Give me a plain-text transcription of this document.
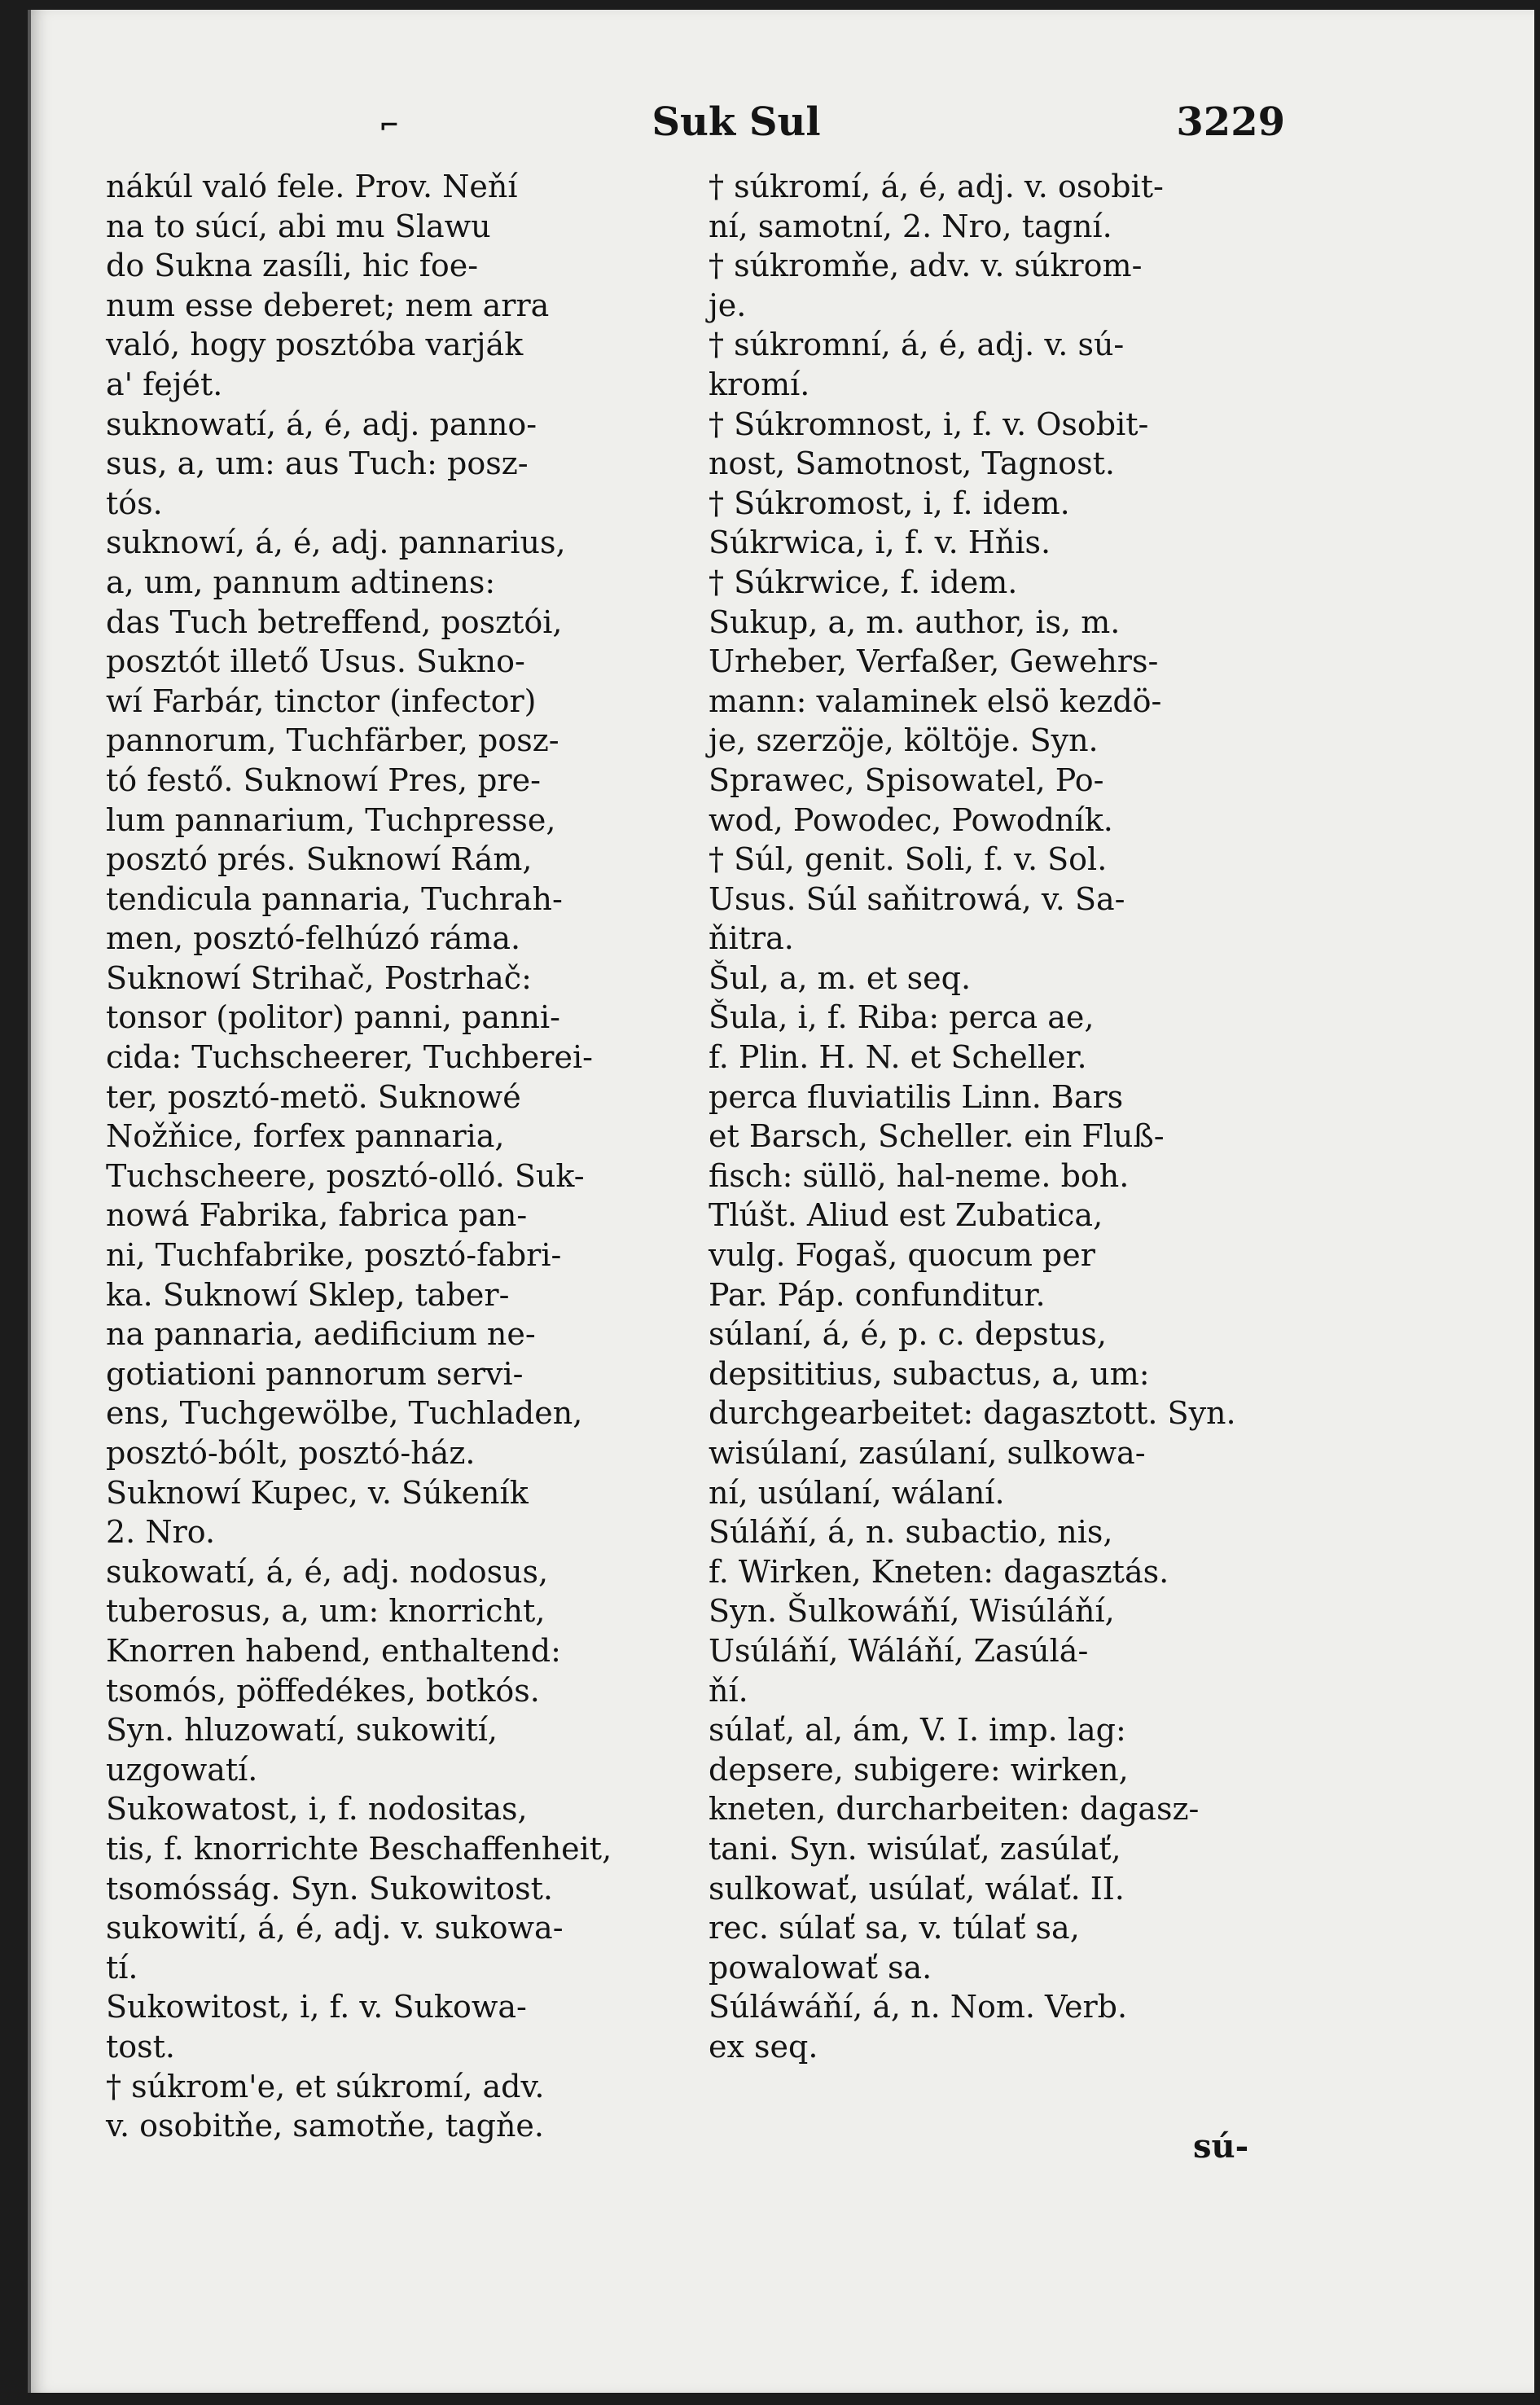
⌐	Suk Sul	3229
nákúl való fele. Prov. Neňí
na to súcí, abi mu Slawu
do Sukna zasíli, hic foe-
num esse deberet; nem arra
való, hogy posztóba varják
a' fejét.
suknowatí, á, é, adj. panno-
sus, a, um: aus Tuch: posz-
tós.
suknowí, á, é, adj. pannarius,
a, um, pannum adtinens:
das Tuch betreffend, posztói,
posztót illető Usus. Sukno-
wí Farbár, tinctor (infector)
pannorum, Tuchfärber, posz-
tó festő. Suknowí Pres, pre-
lum pannarium, Tuchpresse,
posztó prés. Suknowí Rám,
tendicula pannaria, Tuchrah-
men, posztó-felhúzó ráma.
Suknowí Strihač, Postrhač:
tonsor (politor) panni, panni-
cida: Tuchscheerer, Tuchberei-
ter, posztó-metö. Suknowé
Nožňice, forfex pannaria,
Tuchscheere, posztó-olló. Suk-
nowá Fabrika, fabrica pan-
ni, Tuchfabrike, posztó-fabri-
ka. Suknowí Sklep, taber-
na pannaria, aedificium ne-
gotiationi pannorum servi-
ens, Tuchgewölbe, Tuchladen,
posztó-bólt, posztó-ház.
Suknowí Kupec, v. Súkeník
2. Nro.
sukowatí, á, é, adj. nodosus,
tuberosus, a, um: knorricht,
Knorren habend, enthaltend:
tsomós, pöffedékes, botkós.
Syn. hluzowatí, sukowití,
uzgowatí.
Sukowatost, i, f. nodositas,
tis, f. knorrichte Beschaffenheit,
tsomósság. Syn. Sukowitost.
sukowití, á, é, adj. v. sukowa-
tí.
Sukowitost, i, f. v. Sukowa-
tost.
† súkrom'e, et súkromí, adv.
v. osobitňe, samotňe, tagňe.
† súkromí, á, é, adj. v. osobit-
ní, samotní, 2. Nro, tagní.
† súkromňe, adv. v. súkrom-
je.
† súkromní, á, é, adj. v. sú-
kromí.
† Súkromnost, i, f. v. Osobit-
nost, Samotnost, Tagnost.
† Súkromost, i, f. idem.
Súkrwica, i, f. v. Hňis.
† Súkrwice, f. idem.
Sukup, a, m. author, is, m.
Urheber, Verfaßer, Gewehrs-
mann: valaminek elsö kezdö-
je, szerzöje, költöje. Syn.
Sprawec, Spisowatel, Po-
wod, Powodec, Powodník.
† Súl, genit. Soli, f. v. Sol.
Usus. Súl saňitrowá, v. Sa-
ňitra.
Šul, a, m. et seq.
Šula, i, f. Riba: perca ae,
f. Plin. H. N. et Scheller.
perca fluviatilis Linn. Bars
et Barsch, Scheller. ein Fluß-
fisch: süllö, hal-neme. boh.
Tlúšt. Aliud est Zubatica,
vulg. Fogaš, quocum per
Par. Páp. confunditur.
súlaní, á, é, p. c. depstus,
depsititius, subactus, a, um:
durchgearbeitet: dagasztott. Syn.
wisúlaní, zasúlaní, sulkowa-
ní, usúlaní, wálaní.
Súláňí, á, n. subactio, nis,
f. Wirken, Kneten: dagasztás.
Syn. Šulkowáňí, Wisúláňí,
Usúláňí, Wáláňí, Zasúlá-
ňí.
súlať, al, ám, V. I. imp. lag:
depsere, subigere: wirken,
kneten, durcharbeiten: dagasz-
tani. Syn. wisúlať, zasúlať,
sulkowať, usúlať, wálať. II.
rec. súlať sa, v. túlať sa,
powalowať sa.
Súláwáňí, á, n. Nom. Verb.
ex seq.
sú-
